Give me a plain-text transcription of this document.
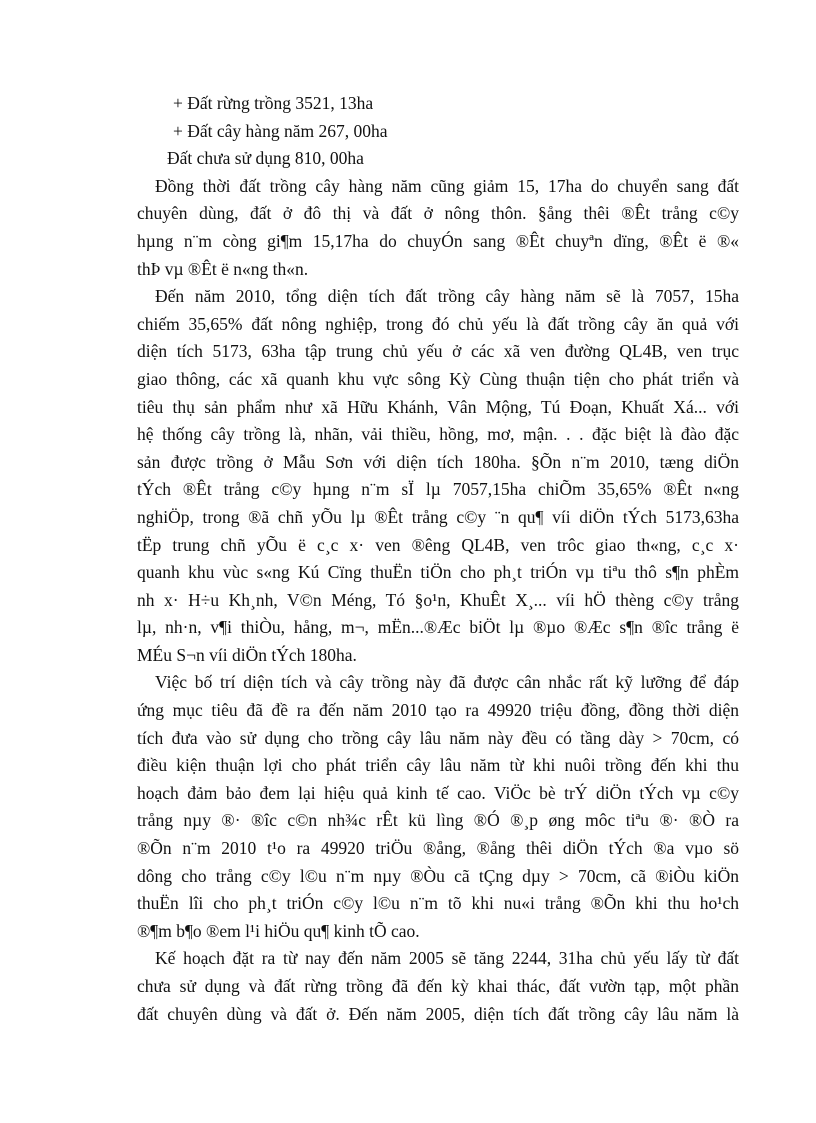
+ Đất rừng trồng 3521, 13ha
+ Đất cây hàng năm 267, 00ha
Đất chưa sử dụng 810, 00ha
Đồng thời đất trồng cây hàng năm cũng giảm 15, 17ha do chuyển sang đất
chuyên dùng, đất ở đô thị và đất ở nông thôn. §ång thêi ®Êt trång c©y
hµng n¨m còng gi¶m 15,17ha do chuyÓn sang ®Êt chuyªn dïng, ®Êt ë ®«
thÞ vµ ®Êt ë n«ng th«n.
Đến năm 2010, tổng diện tích đất trồng cây hàng năm sẽ là 7057, 15ha
chiếm 35,65% đất nông nghiệp, trong đó chủ yếu là đất trồng cây ăn quả với
diện tích 5173, 63ha tập trung chủ yếu ở các xã ven đường QL4B, ven trục
giao thông, các xã quanh khu vực sông Kỳ Cùng thuận tiện cho phát triển và
tiêu thụ sản phẩm như xã Hữu Khánh, Vân Mộng, Tú Đoạn, Khuất Xá... với
hệ thống cây trồng là, nhãn, vải thiều, hồng, mơ, mận. . . đặc biệt là đào đặc
sản được trồng ở Mẫu Sơn với diện tích 180ha. §Õn n¨m 2010, tæng diÖn
tÝch ®Êt trång c©y hµng n¨m sÏ lµ 7057,15ha chiÕm 35,65% ®Êt n«ng
nghiÖp, trong ®ã chñ yÕu lµ ®Êt trång c©y ¨n qu¶ víi diÖn tÝch 5173,63ha
tËp trung chñ yÕu ë c¸c x· ven ®êng QL4B, ven trôc giao th«ng, c¸c x·
quanh khu vùc s«ng Kú Cïng thuËn tiÖn cho ph¸t triÓn vµ tiªu thô s¶n phÈm
nh x· H÷u Kh¸nh, V©n Méng, Tó §o¹n, KhuÊt X¸... víi hÖ thèng c©y trång
lµ, nh·n, v¶i thiÒu, hång, m¬, mËn...®Æc biÖt lµ ®µo ®Æc s¶n ®îc trång ë
MÉu S¬n víi diÖn tÝch 180ha.
Việc bố trí diện tích và cây trồng này đã được cân nhắc rất kỹ lưỡng để đáp
ứng mục tiêu đã đề ra đến năm 2010 tạo ra 49920 triệu đồng, đồng thời diện
tích đưa vào sử dụng cho trồng cây lâu năm này đều có tầng dày > 70cm, có
điều kiện thuận lợi cho phát triển cây lâu năm từ khi nuôi trồng đến khi thu
hoạch đảm bảo đem lại hiệu quả kinh tế cao. ViÖc bè trÝ diÖn tÝch vµ c©y
trång nµy ®· ®îc c©n nh¾c rÊt kü lìng ®Ó ®¸p øng môc tiªu ®· ®Ò ra
®Õn n¨m 2010 t¹o ra 49920 triÖu ®ång, ®ång thêi diÖn tÝch ®a vµo sö
dông cho trång c©y l©u n¨m nµy ®Òu cã tÇng dµy > 70cm, cã ®iÒu kiÖn
thuËn lîi cho ph¸t triÓn c©y l©u n¨m tõ khi nu«i trång ®Õn khi thu ho¹ch
®¶m b¶o ®em l¹i hiÖu qu¶ kinh tÕ cao.
Kế hoạch đặt ra từ nay đến năm 2005 sẽ tăng 2244, 31ha chủ yếu lấy từ đất
chưa sử dụng và đất rừng trồng đã đến kỳ khai thác, đất vườn tạp, một phần
đất chuyên dùng và đất ở. Đến năm 2005, diện tích đất trồng cây lâu năm là
